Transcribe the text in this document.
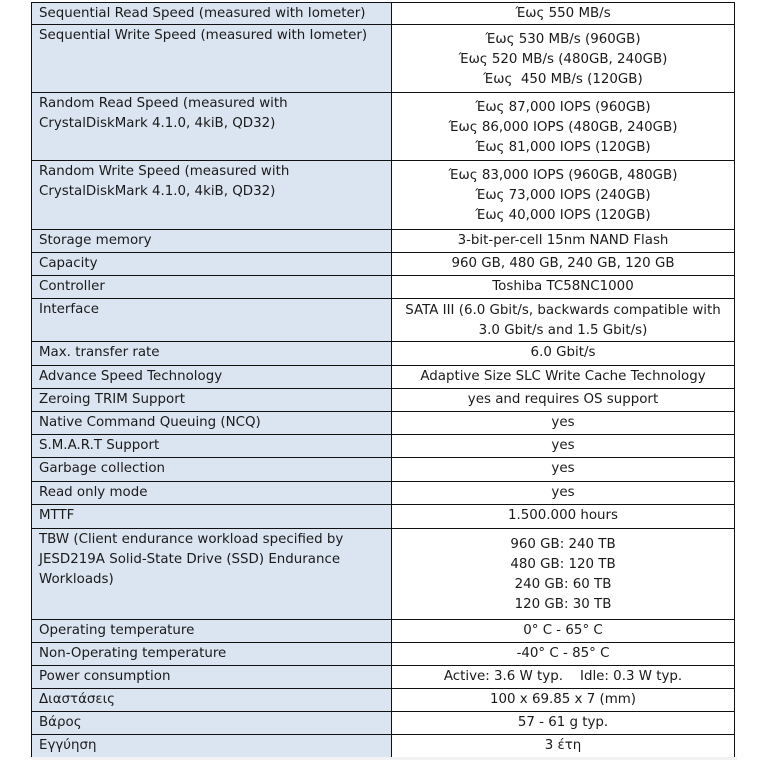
Sequential Read Speed (measured with Iometer)	Έως 550 MB/s

Sequential Write Speed (measured with Iometer)	Έως 530 MB/s (960GB)
Έως 520 MB/s (480GB, 240GB)
Έως  450 MB/s (120GB)

Random Read Speed (measured with
CrystalDiskMark 4.1.0, 4kiB, QD32)	Έως 87,000 IOPS (960GB)
Έως 86,000 IOPS (480GB, 240GB)
Έως 81,000 IOPS (120GB)

Random Write Speed (measured with
CrystalDiskMark 4.1.0, 4kiB, QD32)	Έως 83,000 IOPS (960GB, 480GB)
Έως 73,000 IOPS (240GB)
Έως 40,000 IOPS (120GB)

Storage memory	3-bit-per-cell 15nm NAND Flash

Capacity	960 GB, 480 GB, 240 GB, 120 GB

Controller	Toshiba TC58NC1000

Interface	SATA III (6.0 Gbit/s, backwards compatible with
3.0 Gbit/s and 1.5 Gbit/s)

Max. transfer rate	6.0 Gbit/s

Advance Speed Technology	Adaptive Size SLC Write Cache Technology

Zeroing TRIM Support	yes and requires OS support

Native Command Queuing (NCQ)	yes

S.M.A.R.T Support	yes

Garbage collection	yes

Read only mode	yes

MTTF	1.500.000 hours

TBW (Client endurance workload specified by
JESD219A Solid-State Drive (SSD) Endurance
Workloads)	960 GB: 240 TB
480 GB: 120 TB
240 GB: 60 TB
120 GB: 30 TB

Operating temperature	0° C - 65° C

Non-Operating temperature	-40° C - 85° C

Power consumption	Active: 3.6 W typ.    Idle: 0.3 W typ.

Διαστάσεις	100 x 69.85 x 7 (mm)

Βάρος	57 - 61 g typ.

Εγγύηση	3 έτη
